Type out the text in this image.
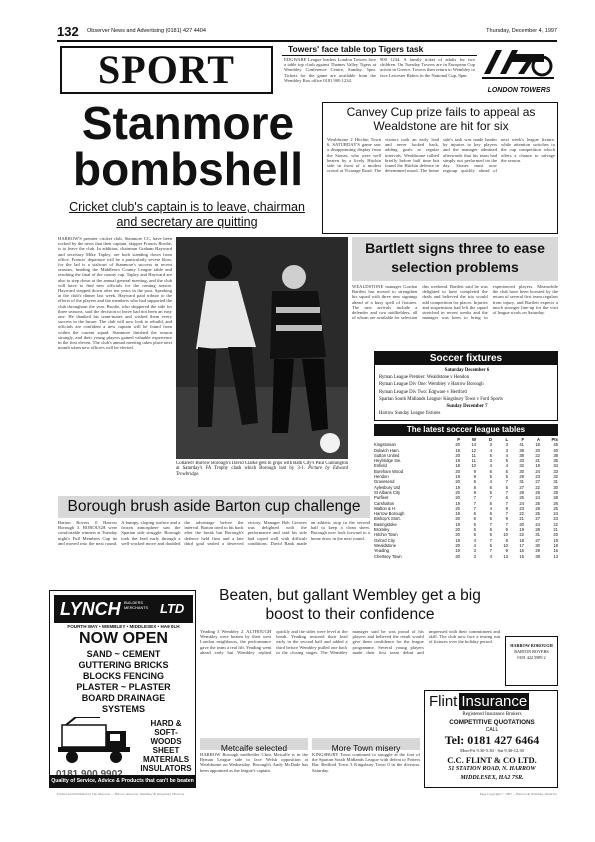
132 Observer News and Advertising (0181) 427 4404	Thursday, December 4, 1997
SPORT	Towers' face table top Tigers task
EDGWARE League leaders London Towers face a table top clash against Thames Valley Tigers at Wembley Conference Centre, Sunday, 5pm. Tickets for the game are available from the Wembley Box office 0181 900 1234.
900 1234. A family ticket of adults for two children. On Tuesday Towers are in European Cup action in Greece. Towers then return to Wembley to face Leicester Riders in the National Cup, 8pm.
LONDON TOWERS
Stanmore
bombshell
Cricket club's captain is to leave, chairman and secretary are quitting
HARROW'S premier cricket club, Stanmore CC, have been rocked by the news that their captain, skipper Francis Brodie, is to leave the club. In addition, chairman Graham Hayward and secretary Mike Tapley, are both standing down from office. Francis' departure will be a particularly severe blow, for the lad is a stalwart of Stanmore's success in recent seasons, heading the Middlesex County League table and reaching the final of the county cup. Tapley and Hayward are also to step down at the annual general meeting, and the club will have to find new officials for the coming season. Hayward stepped down after ten years in the post. Speaking at the club's dinner last week, Hayward paid tribute to the efforts of the players and the members who had supported the club throughout the year. Brodie, who skippered the side for three seasons, said the decision to leave had not been an easy one. He thanked his team-mates and wished them every success in the future. The club will now look to rebuild, and officials are confident a new captain will be found from within the current squad. Stanmore finished the season strongly, and their young players gained valuable experience in the first eleven. The club's annual meeting takes place next month when new officers will be elected.
Canvey Cup prize fails to appeal as Wealdstone are hit for six
Wealdstone 2 Hitchin Town 6. SATURDAY'S game saw a disappointing display from the Stones, who were well beaten by a lively Hitchin side in front of a modest crowd at Vicarage Road. The visitors took an early lead and never looked back, adding goals at regular intervals. Wealdstone rallied briefly before half time but found the Hitchin defence in determined mood. The home side's task was made harder by injuries to key players and the manager admitted afterwards that his team had simply not performed on the day. Stones must now regroup quickly ahead of next week's league fixture, while attention switches to the cup competition which offers a chance to salvage the season.
Collared! Burrow Borough's David Clarke gets to grips with Bath City's Paul Cunnington at Saturday's FA Trophy clash which Borough lost by 3-1. Picture by Edward Trowbridge.
Bartlett signs three to ease selection problems
WEALDSTONE manager Gordon Bartlett has moved to strengthen his squad with three new signings ahead of a busy spell of fixtures. The new arrivals include a defender and two midfielders, all of whom are available for selection this weekend. Bartlett said he was delighted to have completed the deals and believed the trio would add competition for places. Injuries and suspensions had left the squad stretched in recent weeks and the manager was keen to bring in experienced players. Meanwhile the club have been boosted by the return of several first team regulars from injury, and Bartlett expects a much stronger line-up for the visit of league rivals on Saturday.
Soccer fixtures
Saturday December 6
Ryman League Premier: Wealdstone v Hendon
Ryman League Div One: Wembley v Harrow Borough
Ryman League Div Two: Edgware v Hertford
Spartan South Midlands League: Kingsbury Town v Ford Sports
Sunday December 7
Harrow Sunday League fixtures
The latest soccer league tables
P	W	D	L	F	A	Pts
Kingstonian	20	14	3	3	41	18	45
Dulwich Ham.	19	12	4	3	36	20	40
Sutton United	20	11	5	4	38	22	38
Heybridge Sw.	19	11	3	5	33	21	36
Enfield	18	10	4	4	32	19	34
Boreham Wood	20	9	6	5	30	24	33
Hendon	19	9	5	5	29	23	32
Gravesend	20	9	4	7	31	27	31
Aylesbury Utd	19	8	6	5	27	22	30
St Albans City	20	8	5	7	28	26	29
Purfleet	20	7	7	6	25	24	28
Carshalton	19	7	5	7	24	25	26
Walton & H.	20	7	4	9	23	28	25
Harrow Borough	19	6	6	7	22	25	24
Bishop's Stort.	20	6	5	9	21	27	23
Basingstoke	19	5	7	7	20	24	22
Bromley	20	5	6	9	19	28	21
Hitchin Town	20	5	5	10	22	31	20
Oxford City	19	4	7	8	18	27	19
Wealdstone	20	4	6	10	17	30	18
Yeading	19	3	7	9	16	29	16
Chertsey Town	20	3	4	13	15	38	13
Borough brush aside Barton cup challenge
Barton Rovers 0 Harrow Borough 3. BOROUGH were comfortable winners at Tuesday night's Full Members Cup tie and moved into the next round. A bumpy, sloping surface and a frozen atmosphere saw the Spartan side struggle. Borough took the lead early through a well-worked move and doubled the advantage before the interval. Barton tried to hit back after the break but Borough's defence held firm and a late third goal sealed a deserved victory. Manager Bob Greaves was delighted with the performance and said his side had coped well with difficult conditions. David Bank made an athletic stop in the second half to keep a clean sheet. Borough now look forward to a home draw in the next round.
LYNCH BUILDERS MERCHANTS LTD
FOURTH WAY • WEMBLEY • MIDDLESEX • HA9 0LH
NOW OPEN
SAND ~ CEMENT
GUTTERING BRICKS
BLOCKS FENCING
PLASTER ~ PLASTER
BOARD DRAINAGE
SYSTEMS
HARD &
SOFT-
WOODS
SHEET
MATERIALS
INSULATORS
Quality of Service, Advice & Products that can't be beaten
Beaten, but gallant Wembley get a big boost to their confidence
Yeading 3 Wembley 2. ALTHOUGH Wembley were beaten by their west London neighbours, the performance gave the team a real lift. Yeading went ahead early but Wembley replied quickly and the sides were level at the break. Yeading restored their lead early in the second half and added a third before Wembley pulled one back in the closing stages. The Wembley manager said he was proud of his players and believed the result would give them confidence for the league programme. Several young players made their first team debut and impressed with their commitment and skill. The club now face a testing run of fixtures over the holiday period.
HARROW BOROUGH
BARTON ROVERS
0181 422 5989 2
Metcalfe selected
HARROW Borough midfielder Chris Metcalfe is in the Ryman League side to face Welsh opposition at Wealdstone on Wednesday. Borough's Andy McDade has been appointed as the league's captain.
More Town misery
KINGSBURY Town continued to struggle at the foot of the Spartan South Midlands League with defeat to Potters Bar. Bedford Town 3 Kingsbury Town 0 in the division. Saturday.
Flint Insurance
Registered Insurance Brokers
COMPETITIVE QUOTATIONS
CALL
Tel: 0181 427 6464
Mon-Fri 9.30-5.30 · Sat 9.30-12.30
C.C. FLINT & CO LTD.
51 STATION ROAD, N. HARROW
MIDDLESEX, HA2 7SR.
Printed and Published by The Observer ... Harrow Observer, Wembley & Kingsbury Observer	Page Copyright © 1997 ... Harrow & Wembley Observer
